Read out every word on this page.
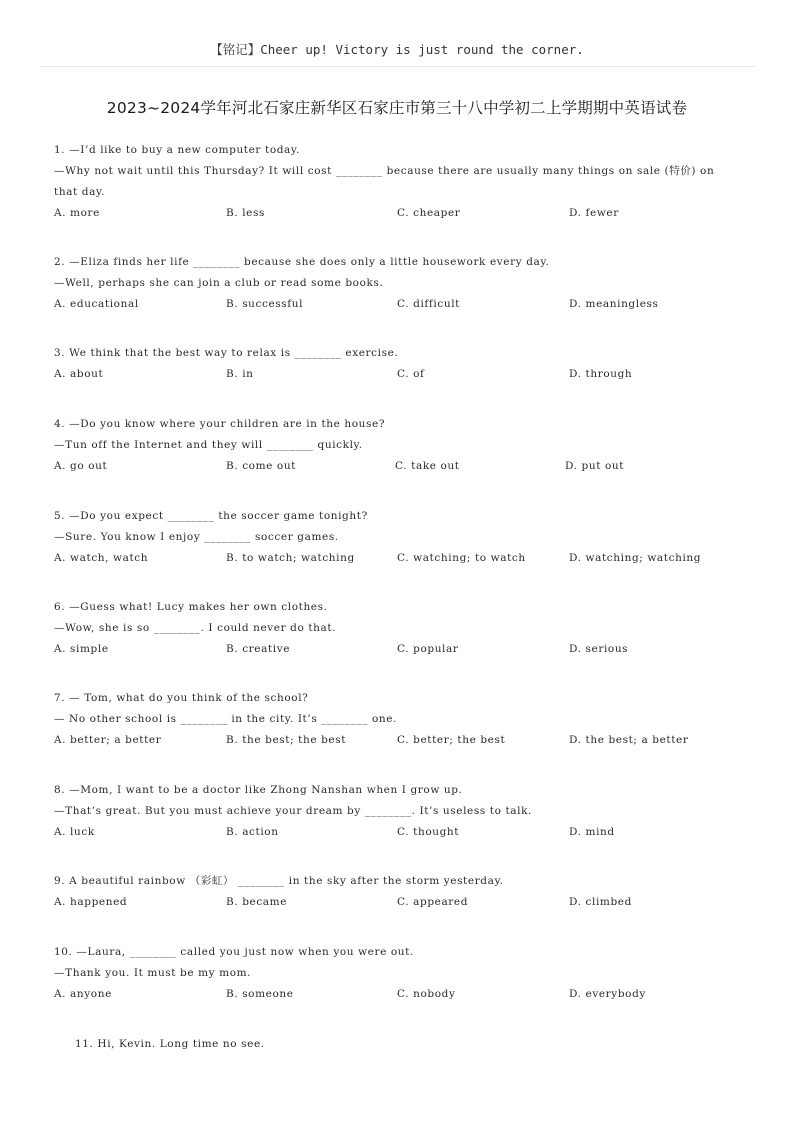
【铭记】Cheer up! Victory is just round the corner.
2023~2024学年河北石家庄新华区石家庄市第三十八中学初二上学期期中英语试卷
1. —I’d like to buy a new computer today.
—Why not wait until this Thursday? It will cost ________ because there are usually many things on sale (特价) on that day.
A. more	B. less	C. cheaper	D. fewer
2. —Eliza finds her life ________ because she does only a little housework every day.
—Well, perhaps she can join a club or read some books.
A. educational	B. successful	C. difficult	D. meaningless
3. We think that the best way to relax is ________ exercise.
A. about	B. in	C. of	D. through
4. —Do you know where your children are in the house?
—Tun off the Internet and they will ________ quickly.
A. go out	B. come out	C. take out	D. put out
5. —Do you expect ________ the soccer game tonight?
—Sure. You know I enjoy ________ soccer games.
A. watch, watch	B. to watch; watching	C. watching; to watch	D. watching; watching
6. —Guess what! Lucy makes her own clothes.
—Wow, she is so ________. I could never do that.
A. simple	B. creative	C. popular	D. serious
7. — Tom, what do you think of the school?
— No other school is ________ in the city. It’s ________ one.
A. better; a better	B. the best; the best	C. better; the best	D. the best; a better
8. —Mom, I want to be a doctor like Zhong Nanshan when I grow up.
—That’s great. But you must achieve your dream by ________. It’s useless to talk.
A. luck	B. action	C. thought	D. mind
9. A beautiful rainbow （彩虹） ________ in the sky after the storm yesterday.
A. happened	B. became	C. appeared	D. climbed
10. —Laura, ________ called you just now when you were out.
—Thank you. It must be my mom.
A. anyone	B. someone	C. nobody	D. everybody
11. Hi, Kevin. Long time no see.
